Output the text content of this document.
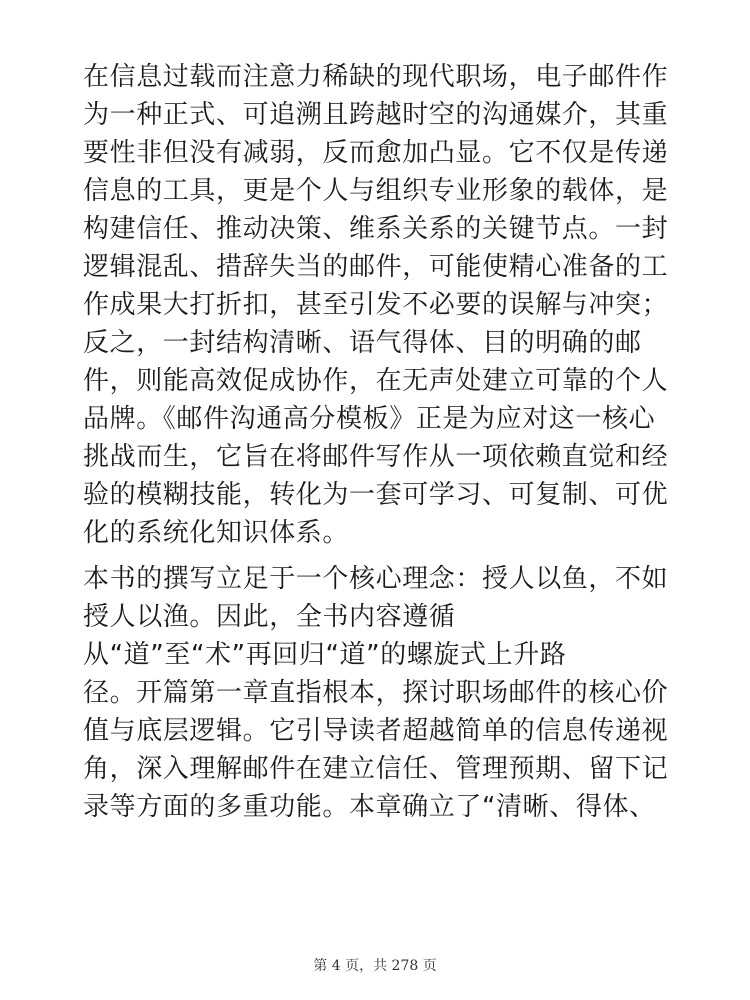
在信息过载而注意力稀缺的现代职场，电子邮件作
为一种正式、可追溯且跨越时空的沟通媒介，其重
要性非但没有减弱，反而愈加凸显。它不仅是传递
信息的工具，更是个人与组织专业形象的载体，是
构建信任、推动决策、维系关系的关键节点。一封
逻辑混乱、措辞失当的邮件，可能使精心准备的工
作成果大打折扣，甚至引发不必要的误解与冲突；
反之，一封结构清晰、语气得体、目的明确的邮
件，则能高效促成协作，在无声处建立可靠的个人
品牌。《邮件沟通高分模板》正是为应对这一核心
挑战而生，它旨在将邮件写作从一项依赖直觉和经
验的模糊技能，转化为一套可学习、可复制、可优
化的系统化知识体系。
本书的撰写立足于一个核心理念：授人以鱼，不如
授人以渔。因此，全书内容遵循
从“道”至“术”再回归“道”的螺旋式上升路
径。开篇第一章直指根本，探讨职场邮件的核心价
值与底层逻辑。它引导读者超越简单的信息传递视
角，深入理解邮件在建立信任、管理预期、留下记
录等方面的多重功能。本章确立了“清晰、得体、
第 4 页，共 278 页
